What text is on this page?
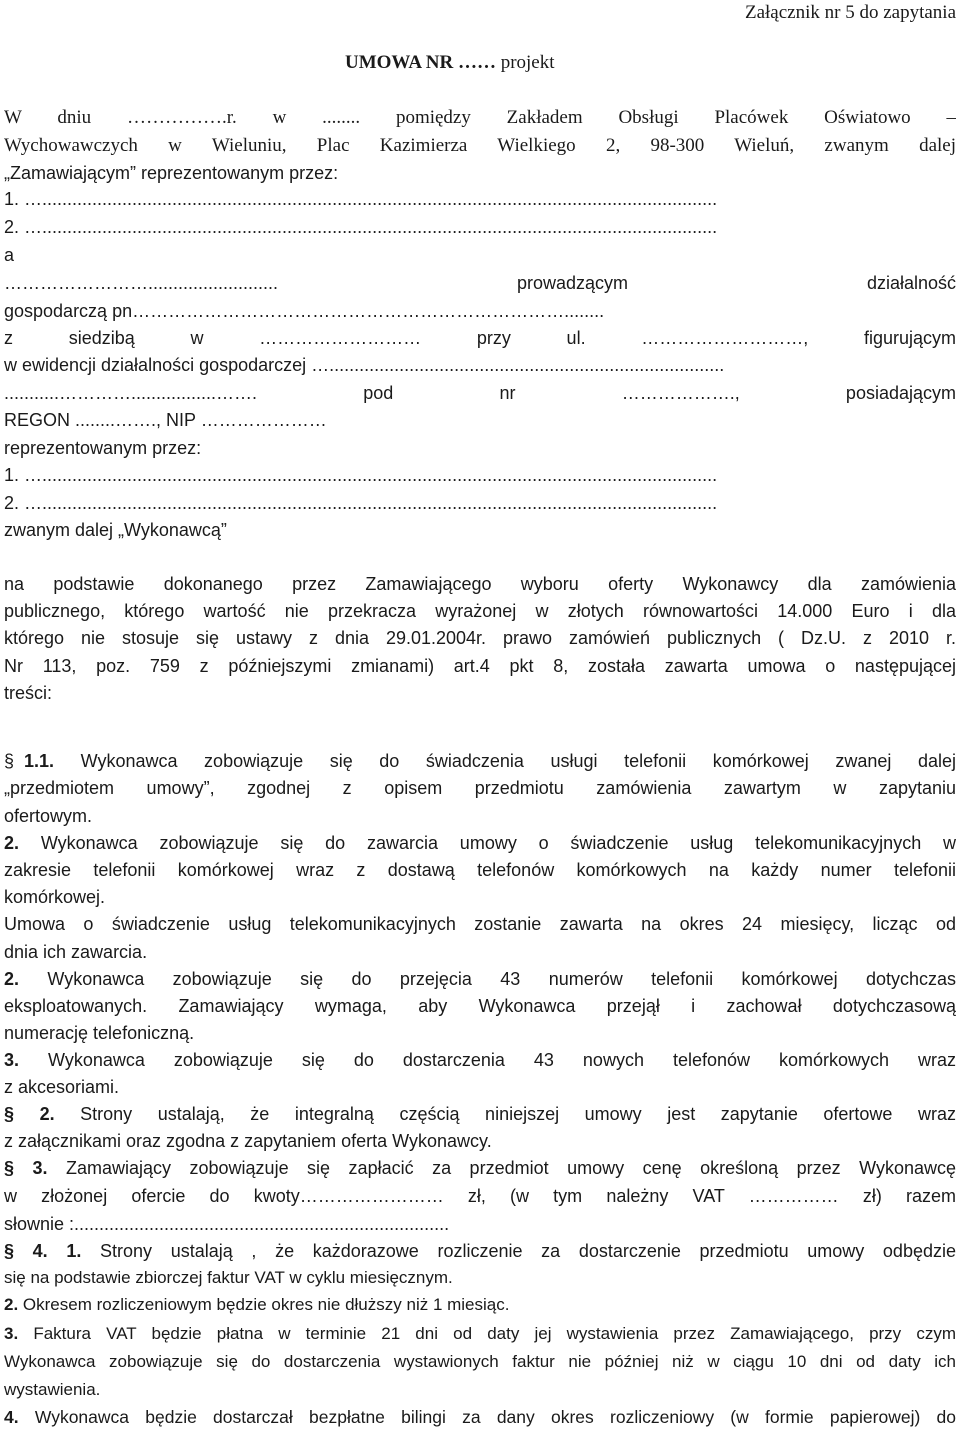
Załącznik nr 5 do zapytania
UMOWA NR …… projekt
W dniu …………….r. w ........ pomiędzy Zakładem Obsługi Placówek Oświatowo –
Wychowawczych w Wieluniu, Plac Kazimierza Wielkiego 2, 98-300 Wieluń, zwanym dalej
„Zamawiającym” reprezentowanym przez:
1. ….......................................................................................................................................
2. ….......................................................................................................................................
a
…………………….......................... prowadzącym działalność
gospodarczą pn………………………………………………………………........
z siedzibą w ……………………… przy ul. ………………………, figurującym
w ewidencji działalności gospodarczej …...............................................................................
...........………….................……. pod nr ………………., posiadającym
REGON ........……., NIP …………………
reprezentowanym przez:
1. ….......................................................................................................................................
2. ….......................................................................................................................................
zwanym dalej „Wykonawcą”
na podstawie dokonanego przez Zamawiającego wyboru oferty Wykonawcy dla zamówienia
publicznego, którego wartość nie przekracza wyrażonej w złotych równowartości 14.000 Euro i dla
którego nie stosuje się ustawy z dnia 29.01.2004r. prawo zamówień publicznych ( Dz.U. z 2010 r.
Nr 113, poz. 759 z późniejszymi zmianami) art.4 pkt 8, została zawarta umowa o następującej
treści:
§ 1.1. Wykonawca zobowiązuje się do świadczenia usługi telefonii komórkowej zwanej dalej
„przedmiotem umowy”, zgodnej z opisem przedmiotu zamówienia zawartym w zapytaniu
ofertowym.
2. Wykonawca zobowiązuje się do zawarcia umowy o świadczenie usług telekomunikacyjnych w
zakresie telefonii komórkowej wraz z dostawą telefonów komórkowych na każdy numer telefonii
komórkowej.
Umowa o świadczenie usług telekomunikacyjnych zostanie zawarta na okres 24 miesięcy, licząc od
dnia ich zawarcia.
2. Wykonawca zobowiązuje się do przejęcia 43 numerów telefonii komórkowej dotychczas
eksploatowanych. Zamawiający wymaga, aby Wykonawca przejął i zachował dotychczasową
numerację telefoniczną.
3. Wykonawca zobowiązuje się do dostarczenia 43 nowych telefonów komórkowych wraz
z akcesoriami.
§ 2. Strony ustalają, że integralną częścią niniejszej umowy jest zapytanie ofertowe wraz
z załącznikami oraz zgodna z zapytaniem oferta Wykonawcy.
§ 3. Zamawiający zobowiązuje się zapłacić za przedmiot umowy cenę określoną przez Wykonawcę
w złożonej ofercie do kwoty…………………… zł, (w tym należny VAT …………… zł) razem
słownie :...........................................................................
§ 4. 1. Strony ustalają , że każdorazowe rozliczenie za dostarczenie przedmiotu umowy odbędzie
się na podstawie zbiorczej faktur VAT w cyklu miesięcznym.
2. Okresem rozliczeniowym będzie okres nie dłuższy niż 1 miesiąc.
3. Faktura VAT będzie płatna w terminie 21 dni od daty jej wystawienia przez Zamawiającego, przy czym
Wykonawca zobowiązuje się do dostarczenia wystawionych faktur nie później niż w ciągu 10 dni od daty ich
wystawienia.
4. Wykonawca będzie dostarczał bezpłatne bilingi za dany okres rozliczeniowy (w formie papierowej) do
